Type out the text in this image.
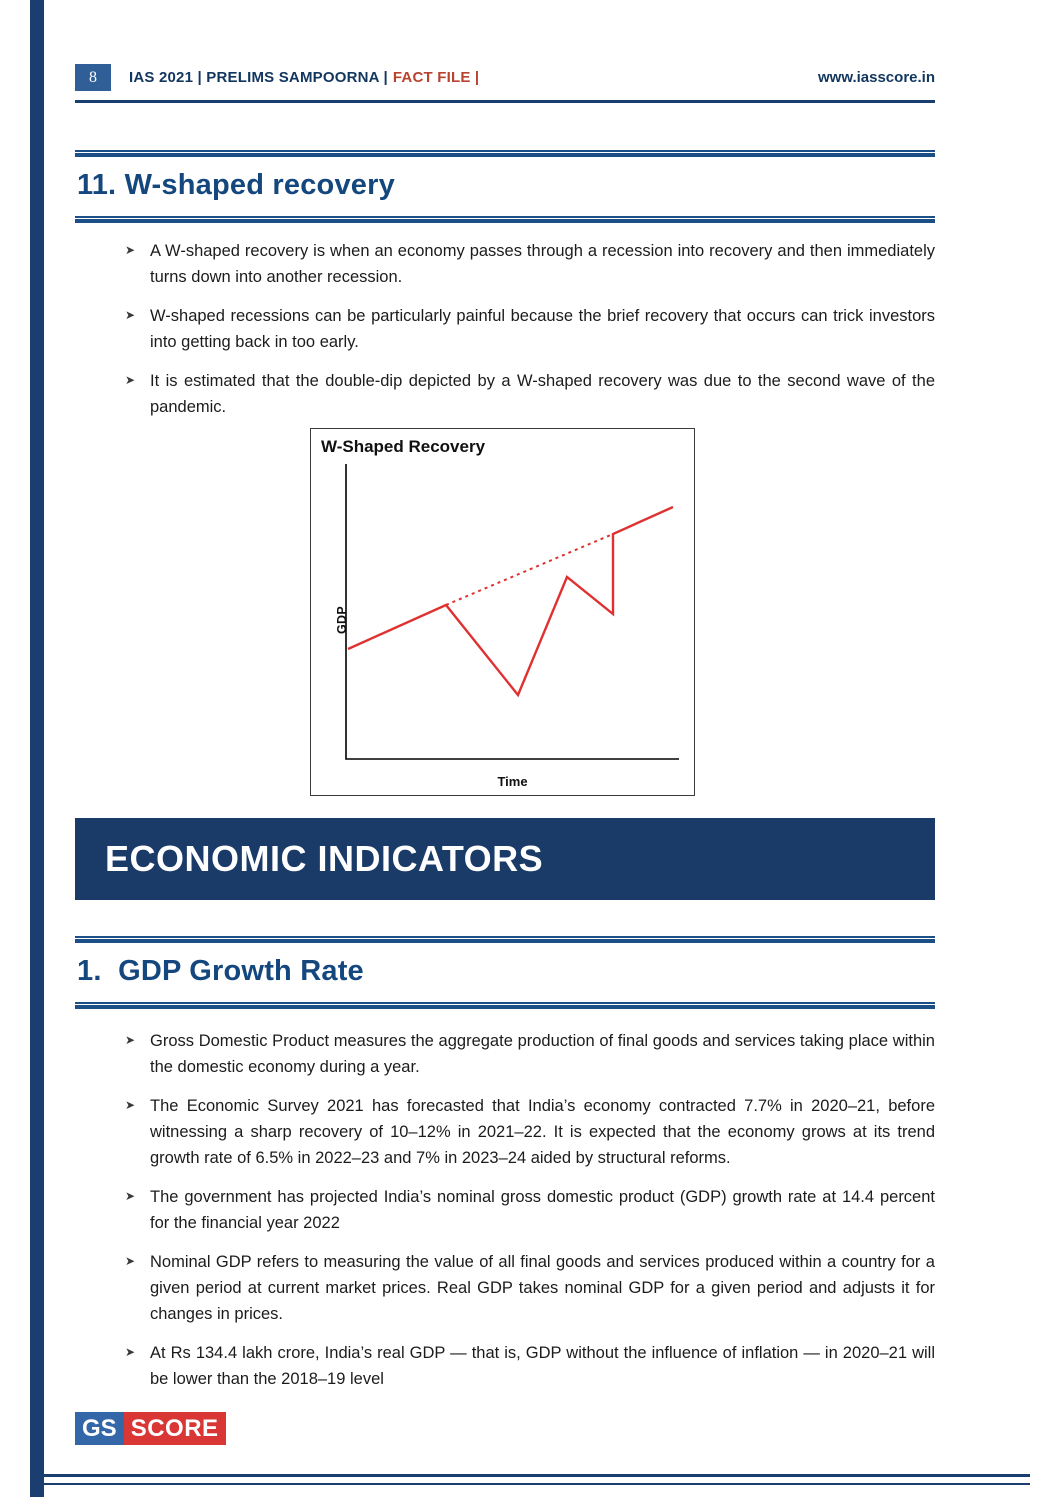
8	IAS 2021 | PRELIMS SAMPOORNA | FACT FILE |	www.iasscore.in
11. W-shaped recovery
➤ A W-shaped recovery is when an economy passes through a recession into recovery and then immediately turns down into another recession.
➤ W-shaped recessions can be particularly painful because the brief recovery that occurs can trick investors into getting back in too early.
➤ It is estimated that the double-dip depicted by a W-shaped recovery was due to the second wave of the pandemic.
W-Shaped Recovery
GDP
Time
ECONOMIC INDICATORS
1.  GDP Growth Rate
➤ Gross Domestic Product measures the aggregate production of final goods and services taking place within the domestic economy during a year.
➤ The Economic Survey 2021 has forecasted that India’s economy contracted 7.7% in 2020–21, before witnessing a sharp recovery of 10–12% in 2021–22. It is expected that the economy grows at its trend growth rate of 6.5% in 2022–23 and 7% in 2023–24 aided by structural reforms.
➤ The government has projected India’s nominal gross domestic product (GDP) growth rate at 14.4 percent for the financial year 2022
➤ Nominal GDP refers to measuring the value of all final goods and services produced within a country for a given period at current market prices. Real GDP takes nominal GDP for a given period and adjusts it for changes in prices.
➤ At Rs 134.4 lakh crore, India’s real GDP — that is, GDP without the influence of inflation — in 2020–21 will be lower than the 2018–19 level
GS SCORE
